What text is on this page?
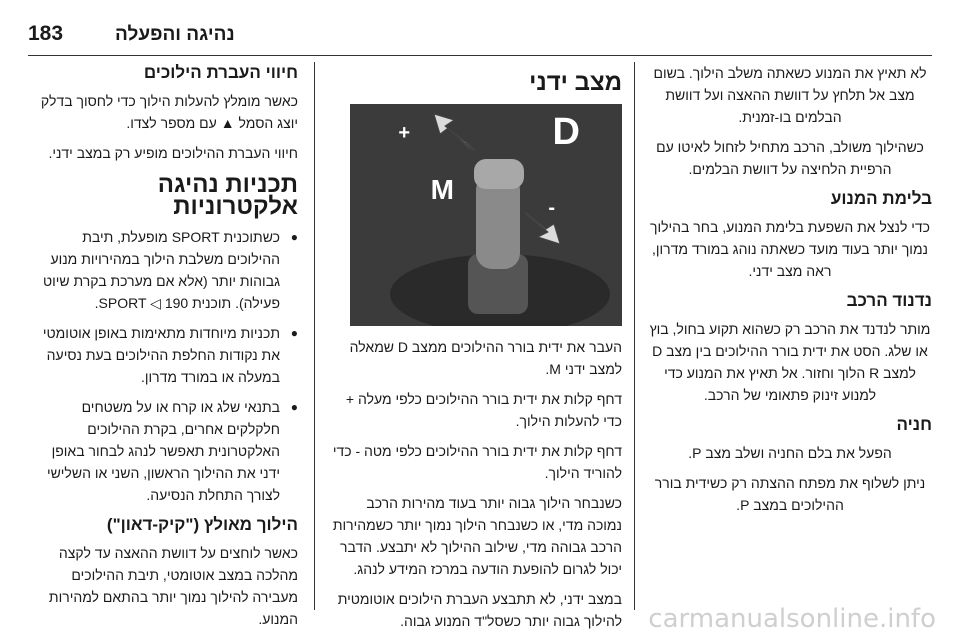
183	נהיגה והפעלה

לא תאיץ את המנוע כשאתה משלב הילוך. בשום מצב אל תלחץ על דוושת ההאצה ועל דוושת הבלמים בו-זמנית.

כשהילוך משולב, הרכב מתחיל לזחול לאיטו עם הרפיית הלחיצה על דוושת הבלמים.

בלימת המנוע

כדי לנצל את השפעת בלימת המנוע, בחר בהילוך נמוך יותר בעוד מועד כשאתה נוהג במורד מדרון, ראה מצב ידני.

נדנוד הרכב

מותר לנדנד את הרכב רק כשהוא תקוע בחול, בוץ או שלג. הסט את ידית בורר ההילוכים בין מצב D למצב R הלוך וחזור. אל תאיץ את המנוע כדי למנוע זינוק פתאומי של הרכב.

חניה

הפעל את בלם החניה ושלב מצב P.

ניתן לשלוף את מפתח ההצתה רק כשידית בורר ההילוכים במצב P.

מצב ידני
D
M
+
-

העבר את ידית בורר ההילוכים ממצב D שמאלה למצב ידני M.

דחף קלות את ידית בורר ההילוכים כלפי מעלה + כדי להעלות הילוך.

דחף קלות את ידית בורר ההילוכים כלפי מטה - כדי להוריד הילוך.

כשנבחר הילוך גבוה יותר בעוד מהירות הרכב נמוכה מדי, או כשנבחר הילוך נמוך יותר כשמהירות הרכב גבוהה מדי, שילוב ההילוך לא יתבצע. הדבר יכול לגרום להופעת הודעה במרכז המידע לנהג.

במצב ידני, לא תתבצע העברת הילוכים אוטומטית להילוך גבוה יותר כשסל"ד המנוע גבוה.

חיווי העברת הילוכים

כאשר מומלץ להעלות הילוך כדי לחסוך בדלק יוצג הסמל ▲ עם מספר לצדו.

חיווי העברת ההילוכים מופיע רק במצב ידני.

תכניות נהיגה אלקטרוניות
● כשתוכנית SPORT מופעלת, תיבת ההילוכים משלבת הילוך במהירויות מנוע גבוהות יותר (אלא אם מערכת בקרת שיוט פעילה). תוכנית SPORT ◁ 190.
● תכניות מיוחדות מתאימות באופן אוטומטי את נקודות החלפת ההילוכים בעת נסיעה במעלה או במורד מדרון.
● בתנאי שלג או קרח או על משטחים חלקלקים אחרים, בקרת ההילוכים האלקטרונית תאפשר לנהג לבחור באופן ידני את ההילוך הראשון, השני או השלישי לצורך התחלת הנסיעה.
הילוך מאולץ ("קיק-דאון")

כאשר לוחצים על דוושת ההאצה עד לקצה מהלכה במצב אוטומטי, תיבת ההילוכים מעבירה להילוך נמוך יותר בהתאם למהירות המנוע.	carmanualsonline.info
